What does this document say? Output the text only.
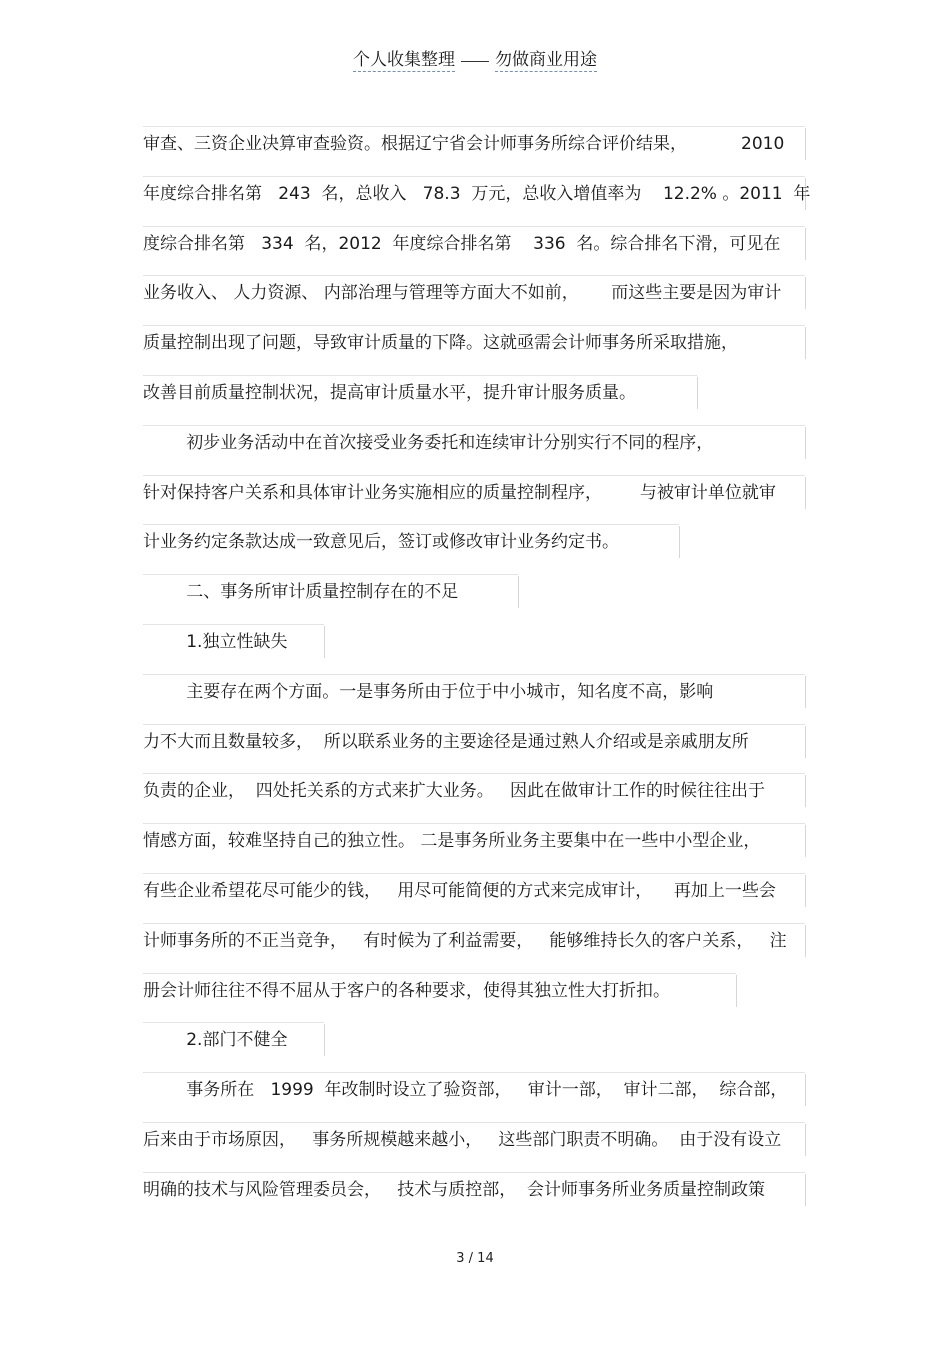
个人收集整理 勿做商业用途
审查、三资企业决算审查验资。根据辽宁省会计师事务所综合评价结果，          2010
年度综合排名第   243  名，总收入   78.3  万元，总收入增值率为    12.2% 。2011  年
度综合排名第   334  名，2012  年度综合排名第    336  名。综合排名下滑，可见在
业务收入、 人力资源、 内部治理与管理等方面大不如前，      而这些主要是因为审计
质量控制出现了问题，导致审计质量的下降。这就亟需会计师事务所采取措施，
改善目前质量控制状况，提高审计质量水平，提升审计服务质量。
初步业务活动中在首次接受业务委托和连续审计分别实行不同的程序，
针对保持客户关系和具体审计业务实施相应的质量控制程序，       与被审计单位就审
计业务约定条款达成一致意见后，签订或修改审计业务约定书。
二、事务所审计质量控制存在的不足
1.独立性缺失
主要存在两个方面。一是事务所由于位于中小城市，知名度不高，影响
力不大而且数量较多，  所以联系业务的主要途径是通过熟人介绍或是亲戚朋友所
负责的企业，  四处托关系的方式来扩大业务。   因此在做审计工作的时候往往出于
情感方面，较难坚持自己的独立性。 二是事务所业务主要集中在一些中小型企业，
有些企业希望花尽可能少的钱，   用尽可能简便的方式来完成审计，    再加上一些会
计师事务所的不正当竞争，   有时候为了利益需要，   能够维持长久的客户关系，   注
册会计师往往不得不屈从于客户的各种要求，使得其独立性大打折扣。
2.部门不健全
事务所在   1999  年改制时设立了验资部，   审计一部，  审计二部，  综合部，
后来由于市场原因，   事务所规模越来越小，   这些部门职责不明确。  由于没有设立
明确的技术与风险管理委员会，   技术与质控部，  会计师事务所业务质量控制政策
3 / 14
